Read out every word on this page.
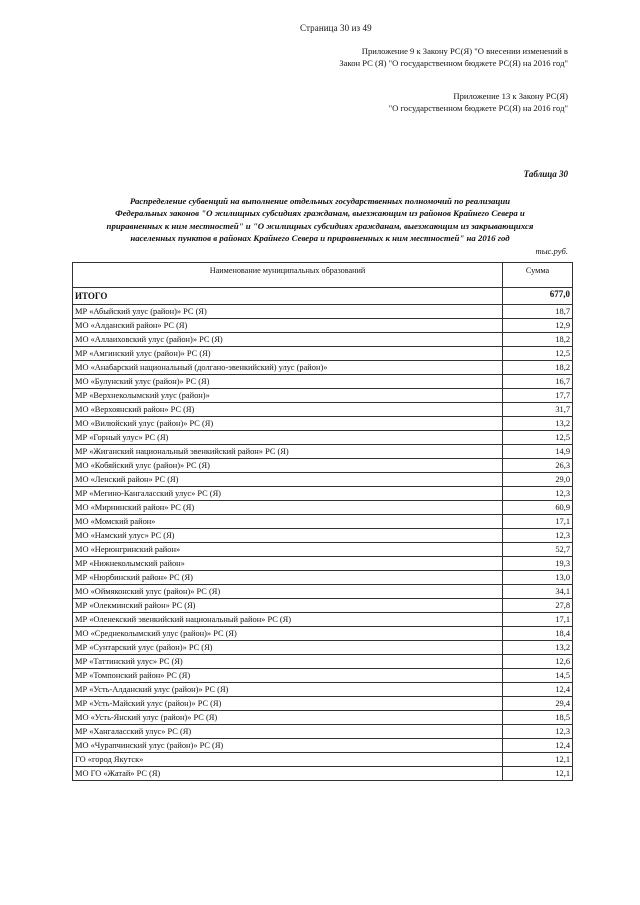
Страница 30 из 49
Приложение 9 к Закону РС(Я) "О внесении изменений в
Закон РС (Я) "О государственном бюджете РС(Я) на 2016 год"
Приложение 13 к Закону РС(Я)
"О государственном бюджете РС(Я) на 2016 год"
Таблица 30
Распределение субвенций на выполнение отдельных государственных полномочий по реализации
Федеральных законов "О жилищных субсидиях гражданам, выезжающим из районов Крайнего Севера и
приравненных к ним местностей" и "О жилищных субсидиях гражданам, выезжающим из закрывающихся
населенных пунктов в районах Крайнего Севера и приравненных к ним местностей" на 2016 год
тыс.руб.
Наименование муниципальных образований	Сумма
ИТОГО	677,0
МР «Абыйский улус (район)» РС (Я)	18,7
МО «Алданский район» РС (Я)	12,9
МО «Аллаиховский улус (район)» РС (Я)	18,2
МР «Амгинский улус (район)» РС (Я)	12,5
МО «Анабарский национальный (долгано-эвенкийский) улус (район)»	18,2
МО «Булунский улус (район)» РС (Я)	16,7
МР «Верхнеколымский улус (район)»	17,7
МО «Верхоянский район» РС (Я)	31,7
МО «Вилюйский улус (район)» РС (Я)	13,2
МР «Горный улус» РС (Я)	12,5
МР «Жиганский национальный эвенкийский район» РС (Я)	14,9
МО «Кобяйский улус (район)» РС (Я)	26,3
МО «Ленский район» РС (Я)	29,0
МР «Мегино-Кангаласский улус» РС (Я)	12,3
МО «Мирнинский район» РС (Я)	60,9
МО «Момский район»	17,1
МО «Намский улус» РС (Я)	12,3
МО «Нерюнгринский район»	52,7
МР «Нижнеколымский район»	19,3
МР «Нюрбинский район» РС (Я)	13,0
МО «Оймяконский улус (район)» РС (Я)	34,1
МР «Олекминский район» РС (Я)	27,8
МР «Оленекский эвенкийский национальный район» РС (Я)	17,1
МО «Среднеколымский улус (район)» РС (Я)	18,4
МР «Сунтарский улус (район)» РС (Я)	13,2
МР «Таттинский улус» РС (Я)	12,6
МР «Томпонский район» РС (Я)	14,5
МР «Усть-Алданский улус (район)» РС (Я)	12,4
МР «Усть-Майский улус (район)» РС (Я)	29,4
МО «Усть-Янский улус (район)» РС (Я)	18,5
МР «Хангаласский улус» РС (Я)	12,3
МО «Чурапчинский улус (район)» РС (Я)	12,4
ГО «город Якутск»	12,1
МО ГО «Жатай» РС (Я)	12,1
